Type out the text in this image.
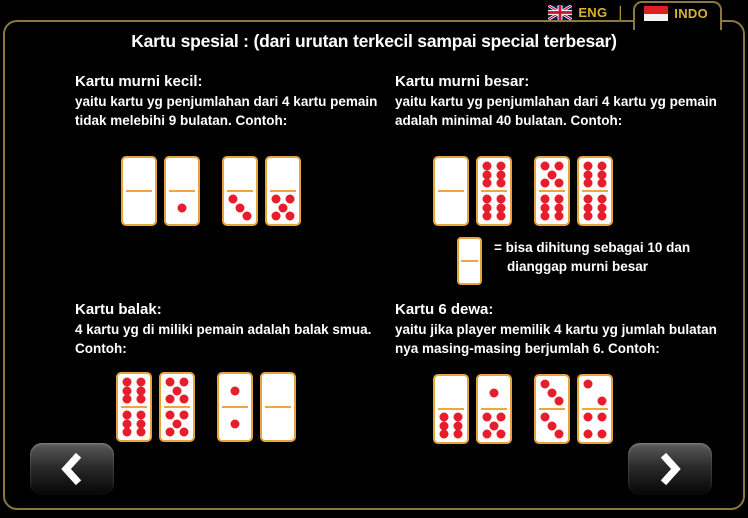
ENG |	INDO
Kartu spesial : (dari urutan terkecil sampai special terbesar)
Kartu murni kecil:
yaitu kartu yg penjumlahan dari 4 kartu pemain
tidak melebihi 9 bulatan. Contoh:
Kartu murni besar:
yaitu kartu yg penjumlahan dari 4 kartu yg pemain
adalah minimal 40 bulatan. Contoh:
= bisa dihitung sebagai 10 dan
dianggap murni besar
Kartu balak:
4 kartu yg di miliki pemain adalah balak smua.
Contoh:
Kartu 6 dewa:
yaitu jika player memilik 4 kartu yg jumlah bulatan
nya masing-masing berjumlah 6. Contoh:
